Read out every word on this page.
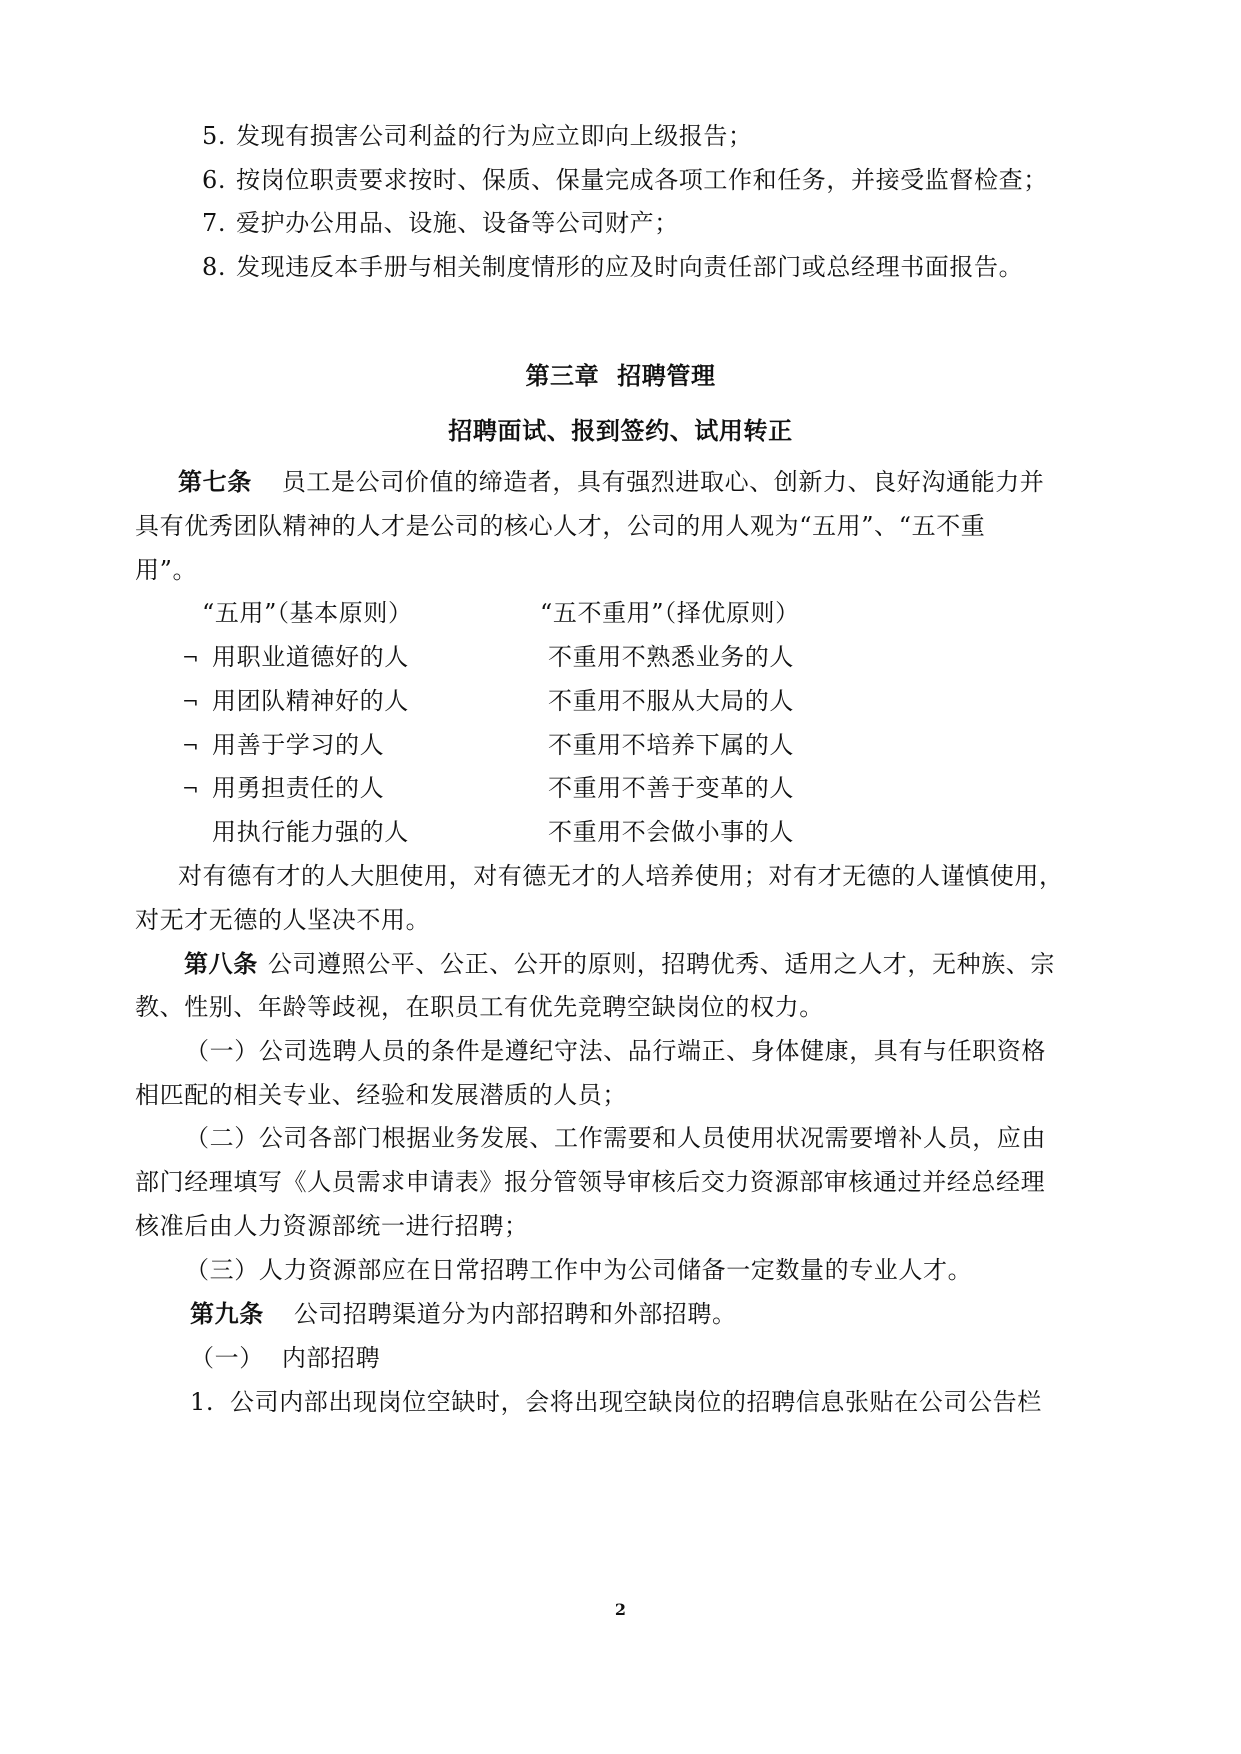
5. 发现有损害公司利益的行为应立即向上级报告；
6. 按岗位职责要求按时、保质、保量完成各项工作和任务，并接受监督检查；
7. 爱护办公用品、设施、设备等公司财产；
8. 发现违反本手册与相关制度情形的应及时向责任部门或总经理书面报告。
第三章  招聘管理
招聘面试、报到签约、试用转正
第七条 员工是公司价值的缔造者，具有强烈进取心、创新力、良好沟通能力并
具有优秀团队精神的人才是公司的核心人才，公司的用人观为“五用”、“五不重
用”。
“五用”（基本原则）	“五不重用”（择优原则）
¬ 用职业道德好的人	不重用不熟悉业务的人
¬ 用团队精神好的人	不重用不服从大局的人
¬ 用善于学习的人	不重用不培养下属的人
¬ 用勇担责任的人	不重用不善于变革的人
用执行能力强的人	不重用不会做小事的人
对有德有才的人大胆使用，对有德无才的人培养使用；对有才无德的人谨慎使用，
对无才无德的人坚决不用。
第八条 公司遵照公平、公正、公开的原则，招聘优秀、适用之人才，无种族、宗
教、性别、年龄等歧视，在职员工有优先竞聘空缺岗位的权力。
（一）公司选聘人员的条件是遵纪守法、品行端正、身体健康，具有与任职资格
相匹配的相关专业、经验和发展潜质的人员；
（二）公司各部门根据业务发展、工作需要和人员使用状况需要增补人员，应由
部门经理填写《人员需求申请表》报分管领导审核后交力资源部审核通过并经总经理
核准后由人力资源部统一进行招聘；
（三）人力资源部应在日常招聘工作中为公司储备一定数量的专业人才。
第九条 公司招聘渠道分为内部招聘和外部招聘。
（一） 内部招聘
1. 公司内部出现岗位空缺时，会将出现空缺岗位的招聘信息张贴在公司公告栏
2
